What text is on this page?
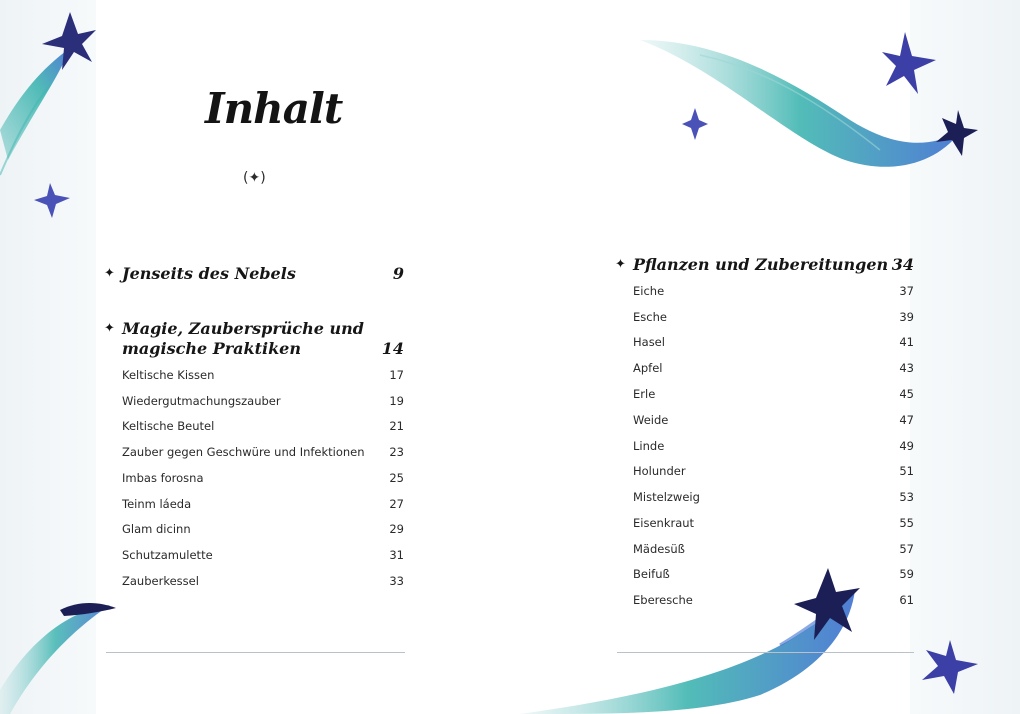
Inhalt
(✦)
✦ Jenseits des Nebels	9
✦ Magie, Zaubersprüche und
magische Praktiken	14
Keltische Kissen	17
Wiedergutmachungszauber	19
Keltische Beutel	21
Zauber gegen Geschwüre und Infektionen 23
Imbas forosna	25
Teinm láeda	27
Glam dicinn	29
Schutzamulette	31
Zauberkessel	33
✦ Pflanzen und Zubereitungen 34
Eiche	37
Esche	39
Hasel	41
Apfel	43
Erle	45
Weide	47
Linde	49
Holunder	51
Mistelzweig	53
Eisenkraut	55
Mädesüß	57
Beifuß	59
Eberesche	61
